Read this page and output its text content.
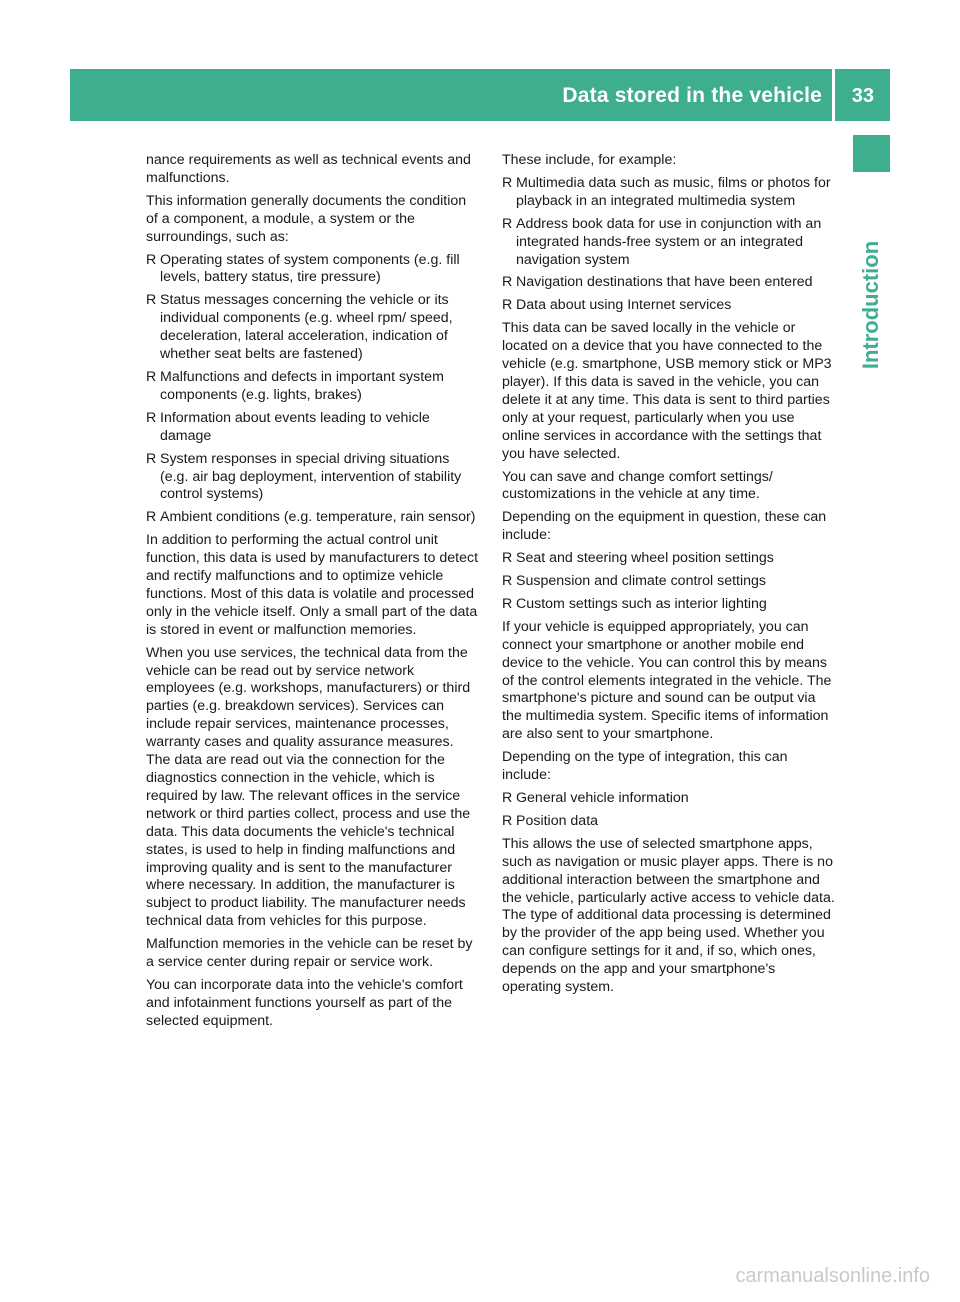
Data stored in the vehicle 33
Introduction

nance requirements as well as technical events and malfunctions.

This information generally documents the condition of a component, a module, a system or the surroundings, such as:

R Operating states of system components (e.g. fill levels, battery status, tire pressure)
R Status messages concerning the vehicle or its individual components (e.g. wheel rpm/ speed, deceleration, lateral acceleration, indication of whether seat belts are fastened)
R Malfunctions and defects in important system components (e.g. lights, brakes)
R Information about events leading to vehicle damage
R System responses in special driving situations (e.g. air bag deployment, intervention of stability control systems)
R Ambient conditions (e.g. temperature, rain sensor)

In addition to performing the actual control unit function, this data is used by manufacturers to detect and rectify malfunctions and to optimize vehicle functions. Most of this data is volatile and processed only in the vehicle itself. Only a small part of the data is stored in event or malfunction memories.

When you use services, the technical data from the vehicle can be read out by service network employees (e.g. workshops, manufacturers) or third parties (e.g. breakdown services). Services can include repair services, maintenance processes, warranty cases and quality assurance measures. The data are read out via the connection for the diagnostics connection in the vehicle, which is required by law. The relevant offices in the service network or third parties collect, process and use the data. This data documents the vehicle's technical states, is used to help in finding malfunctions and improving quality and is sent to the manufacturer where necessary. In addition, the manufacturer is subject to product liability. The manufacturer needs technical data from vehicles for this purpose.

Malfunction memories in the vehicle can be reset by a service center during repair or service work.

You can incorporate data into the vehicle's comfort and infotainment functions yourself as part of the selected equipment.

These include, for example:

R Multimedia data such as music, films or photos for playback in an integrated multimedia system
R Address book data for use in conjunction with an integrated hands-free system or an integrated navigation system
R Navigation destinations that have been entered
R Data about using Internet services

This data can be saved locally in the vehicle or located on a device that you have connected to the vehicle (e.g. smartphone, USB memory stick or MP3 player). If this data is saved in the vehicle, you can delete it at any time. This data is sent to third parties only at your request, particularly when you use online services in accordance with the settings that you have selected.

You can save and change comfort settings/ customizations in the vehicle at any time.

Depending on the equipment in question, these can include:

R Seat and steering wheel position settings
R Suspension and climate control settings
R Custom settings such as interior lighting

If your vehicle is equipped appropriately, you can connect your smartphone or another mobile end device to the vehicle. You can control this by means of the control elements integrated in the vehicle. The smartphone's picture and sound can be output via the multimedia system. Specific items of information are also sent to your smartphone.

Depending on the type of integration, this can include:

R General vehicle information
R Position data

This allows the use of selected smartphone apps, such as navigation or music player apps. There is no additional interaction between the smartphone and the vehicle, particularly active access to vehicle data. The type of additional data processing is determined by the provider of the app being used. Whether you can configure settings for it and, if so, which ones, depends on the app and your smartphone's operating system.

carmanualsonline.info
